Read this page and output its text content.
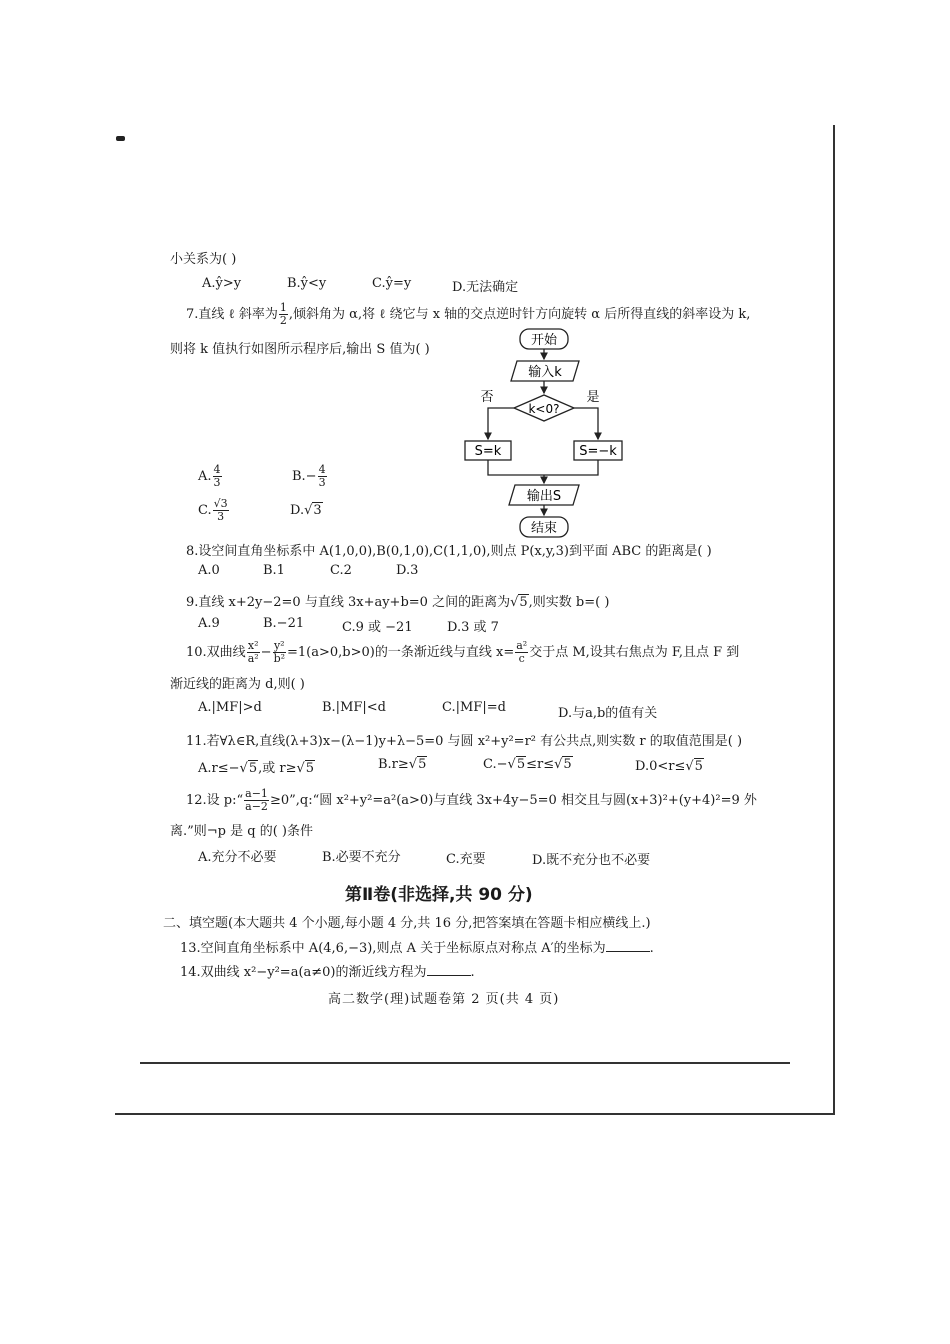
小关系为( )
A.ŷ>y	B.ŷ<y	C.ŷ=y	D.无法确定
7.直线 ℓ 斜率为 $\frac{1}{2}$ ,倾斜角为 α,将 ℓ 绕它与 x 轴的交点逆时针方向旋转 α 后所得直线的斜率设为 k,
则将 k 值执行如图所示程序后,输出 S 值为( )
A. $\frac{4}{3}$	$B.- \frac{4}{3}$
C. $\frac{√3}{3}$	D.√3
开始
输入k
k<0?
否	是
S=k	S=−k
输出S
结束
8.设空间直角坐标系中 A(1,0,0),B(0,1,0),C(1,1,0),则点 P(x,y,3)到平面 ABC 的距离是( )
A.0	B.1	C.2	D.3
9.直线 x+2y−2=0 与直线 3x+ay+b=0 之间的距离为√5,则实数 b=( )
A.9	B.−21	C.9 或 −21	D.3 或 7
10.双曲线 $\frac{\text{x²}}{\text{a²}} - \frac{\text{y²}}{\text{b²}} =1(a>0,b>0)$的一条渐近线与直线 $x= \frac{\text{a²}}{c}$ 交于点 M,设其右焦点为 F,且点 F 到
渐近线的距离为 d,则( )
A.|MF|>d	B.|MF|<d	C.|MF|=d	D.与a,b的值有关
11.若∀λ∈R,直线(λ+3)x−(λ−1)y+λ−5=0 与圆 x²+y²=r² 有公共点,则实数 r 的取值范围是( )
A.r≤−√5,或 r≥√5	B.r≥√5	C.−√5≤r≤√5	D.0<r≤√5
12.设 p:“ $\frac{a-1}{a-2}$ ≥0”,q:“圆 x²+y²=a²(a>0)与直线 3x+4y−5=0 相交且与圆(x+3)²+(y+4)²=9 外
离.”则¬p 是 q 的( )条件
A.充分不必要	B.必要不充分	C.充要	D.既不充分也不必要
第Ⅱ卷(非选择,共 90 分)
二、填空题(本大题共 4 个小题,每小题 4 分,共 16 分,把答案填在答题卡相应横线上.)
13.空间直角坐标系中 A(4,6,−3),则点 A 关于坐标原点对称点 A′的坐标为	.
14.双曲线 x²−y²=a(a≠0)的渐近线方程为	.
高二数学(理)试题卷第 2 页(共 4 页)
